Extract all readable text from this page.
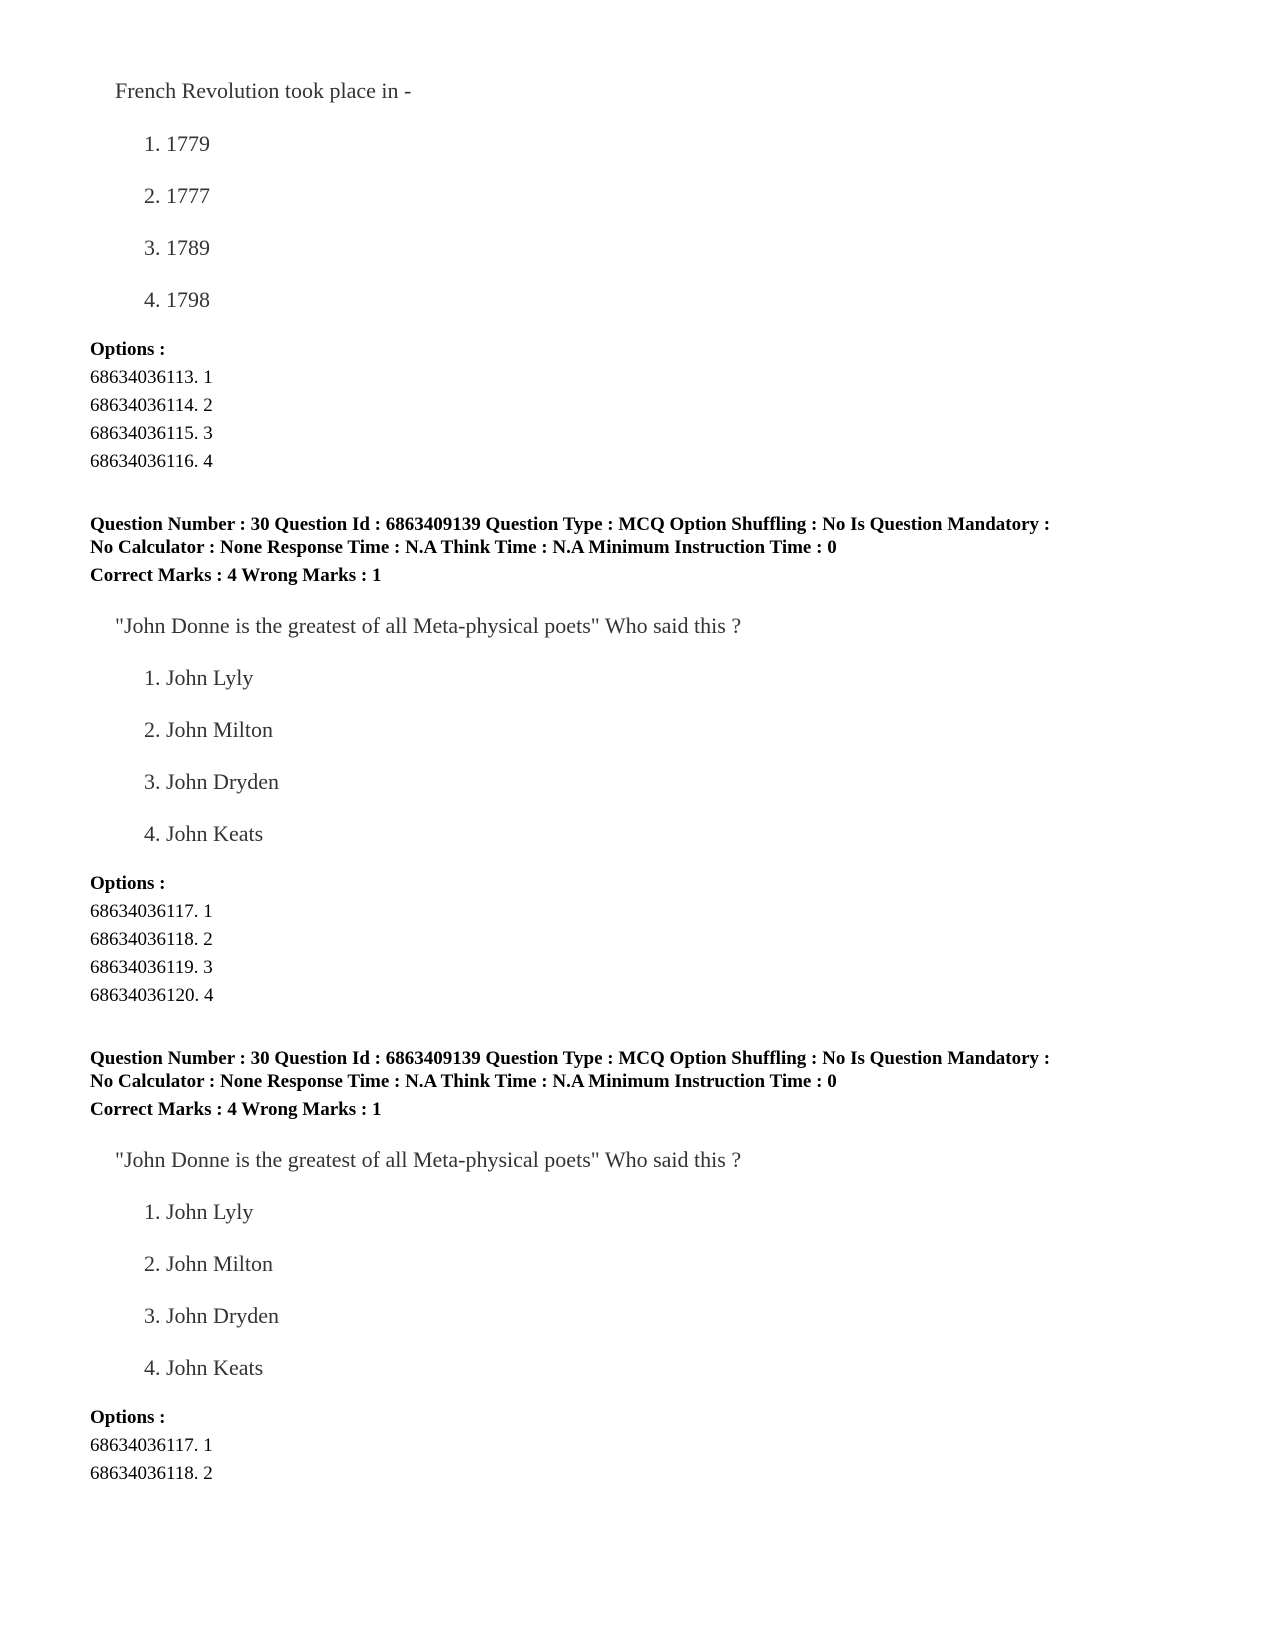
French Revolution took place in -
1. 1779
2. 1777
3. 1789
4. 1798
Options :
68634036113. 1
68634036114. 2
68634036115. 3
68634036116. 4
Question Number : 30 Question Id : 6863409139 Question Type : MCQ Option Shuffling : No Is Question Mandatory :
No Calculator : None Response Time : N.A Think Time : N.A Minimum Instruction Time : 0
Correct Marks : 4 Wrong Marks : 1
"John Donne is the greatest of all Meta-physical poets" Who said this ?
1. John Lyly
2. John Milton
3. John Dryden
4. John Keats
Options :
68634036117. 1
68634036118. 2
68634036119. 3
68634036120. 4
Question Number : 30 Question Id : 6863409139 Question Type : MCQ Option Shuffling : No Is Question Mandatory :
No Calculator : None Response Time : N.A Think Time : N.A Minimum Instruction Time : 0
Correct Marks : 4 Wrong Marks : 1
"John Donne is the greatest of all Meta-physical poets" Who said this ?
1. John Lyly
2. John Milton
3. John Dryden
4. John Keats
Options :
68634036117. 1
68634036118. 2
